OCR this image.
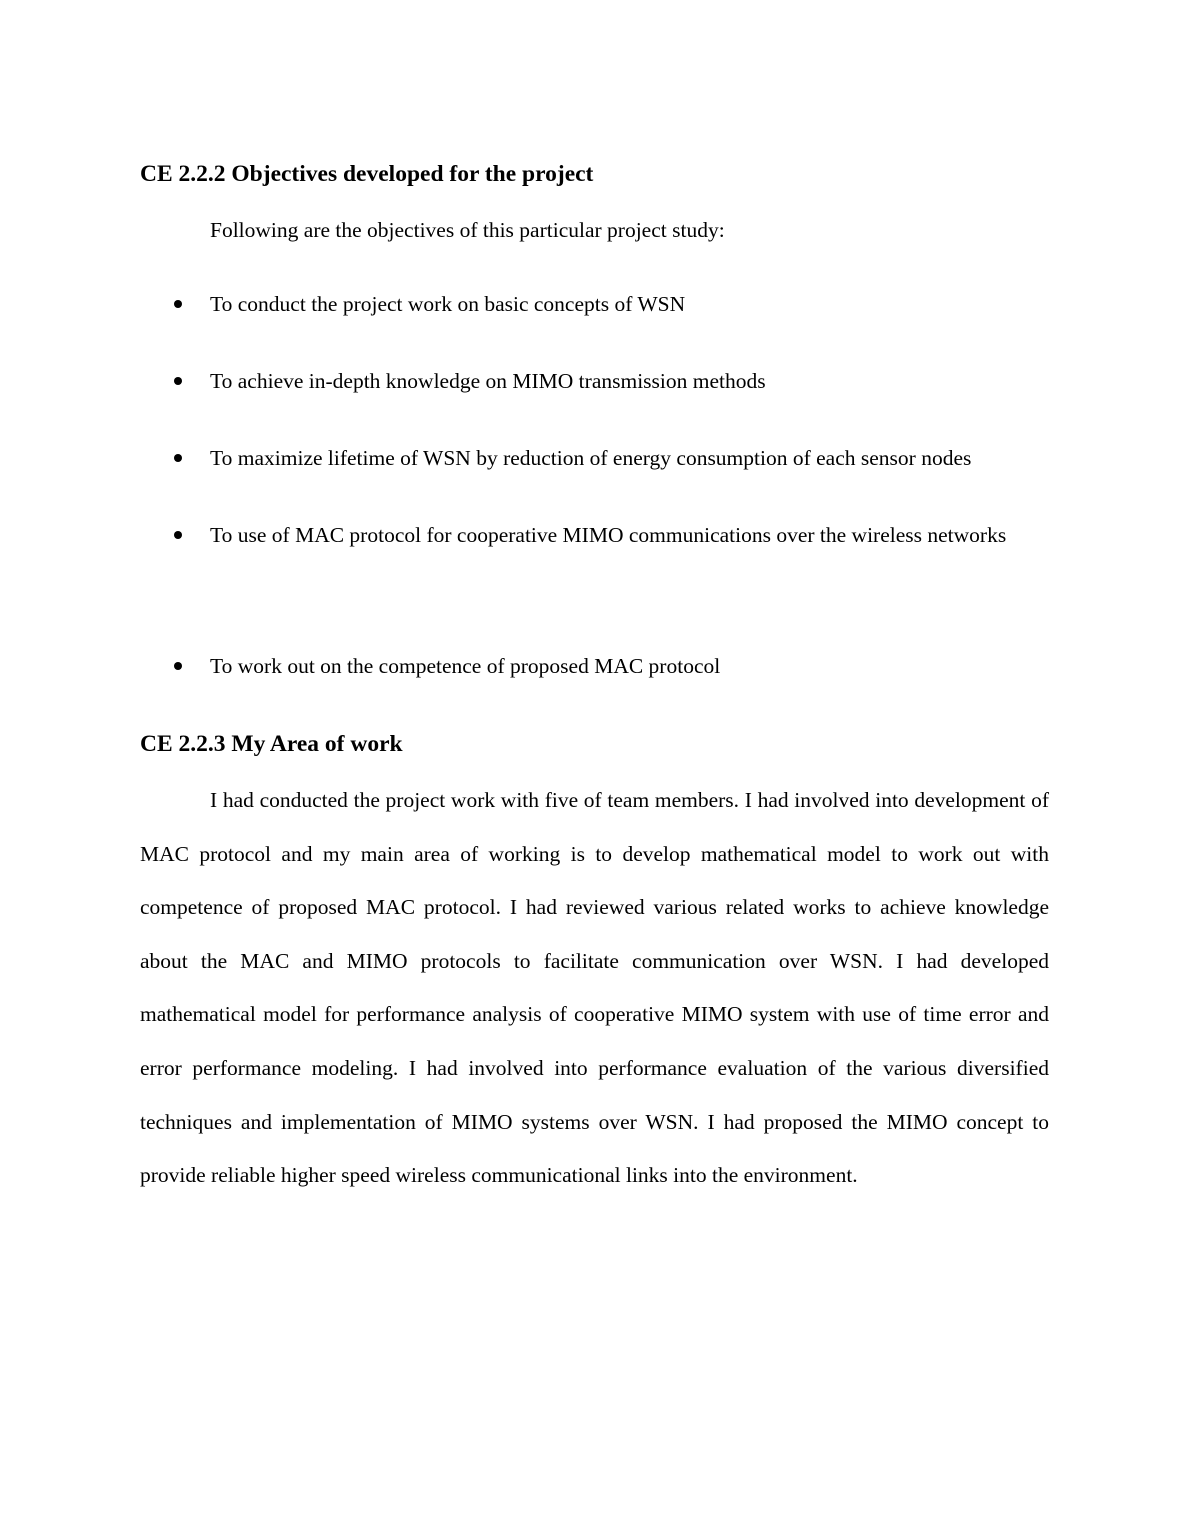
CE 2.2.2 Objectives developed for the project

Following are the objectives of this particular project study:

To conduct the project work on basic concepts of WSN
To achieve in-depth knowledge on MIMO transmission methods
To maximize lifetime of WSN by reduction of energy consumption of each sensor nodes
To use of MAC protocol for cooperative MIMO communications over the wireless networks
To work out on the competence of proposed MAC protocol
CE 2.2.3 My Area of work

I had conducted the project work with five of team members. I had involved into development of MAC protocol and my main area of working is to develop mathematical model to work out with competence of proposed MAC protocol. I had reviewed various related works to achieve knowledge about the MAC and MIMO protocols to facilitate communication over WSN. I had developed mathematical model for performance analysis of cooperative MIMO system with use of time error and error performance modeling. I had involved into performance evaluation of the various diversified techniques and implementation of MIMO systems over WSN. I had proposed the MIMO concept to provide reliable higher speed wireless communicational links into the environment.
